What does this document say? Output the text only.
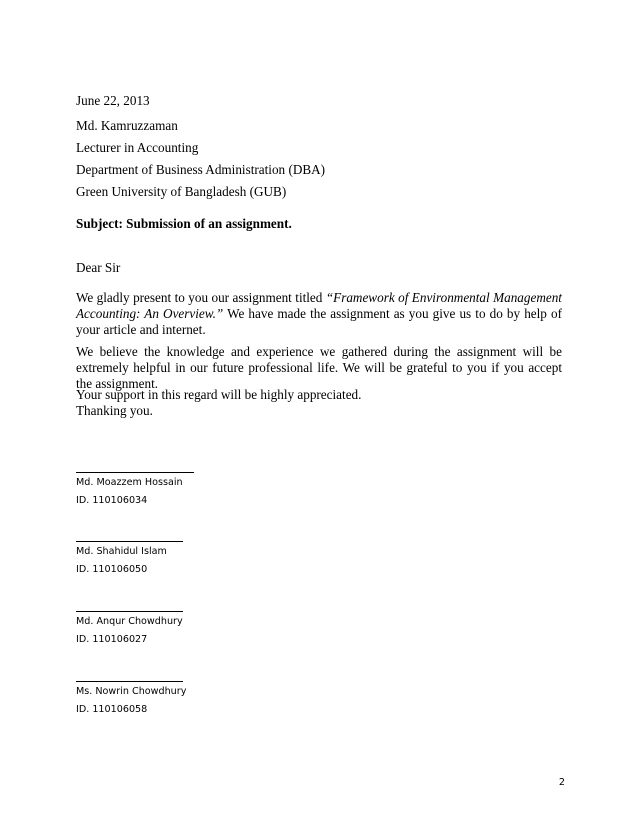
June 22, 2013
Md. Kamruzzaman
Lecturer in Accounting
Department of Business Administration (DBA)
Green University of Bangladesh (GUB)
Subject: Submission of an assignment.
Dear Sir
We gladly present to you our assignment titled “Framework of Environmental Management Accounting: An Overview.” We have made the assignment as you give us to do by help of your article and internet.
We believe the knowledge and experience we gathered during the assignment will be extremely helpful in our future professional life. We will be grateful to you if you accept the assignment.
Your support in this regard will be highly appreciated.
Thanking you.
Md. Moazzem Hossain
ID. 110106034
Md. Shahidul Islam
ID. 110106050
Md. Anqur Chowdhury
ID. 110106027
Ms. Nowrin Chowdhury
ID. 110106058
2
